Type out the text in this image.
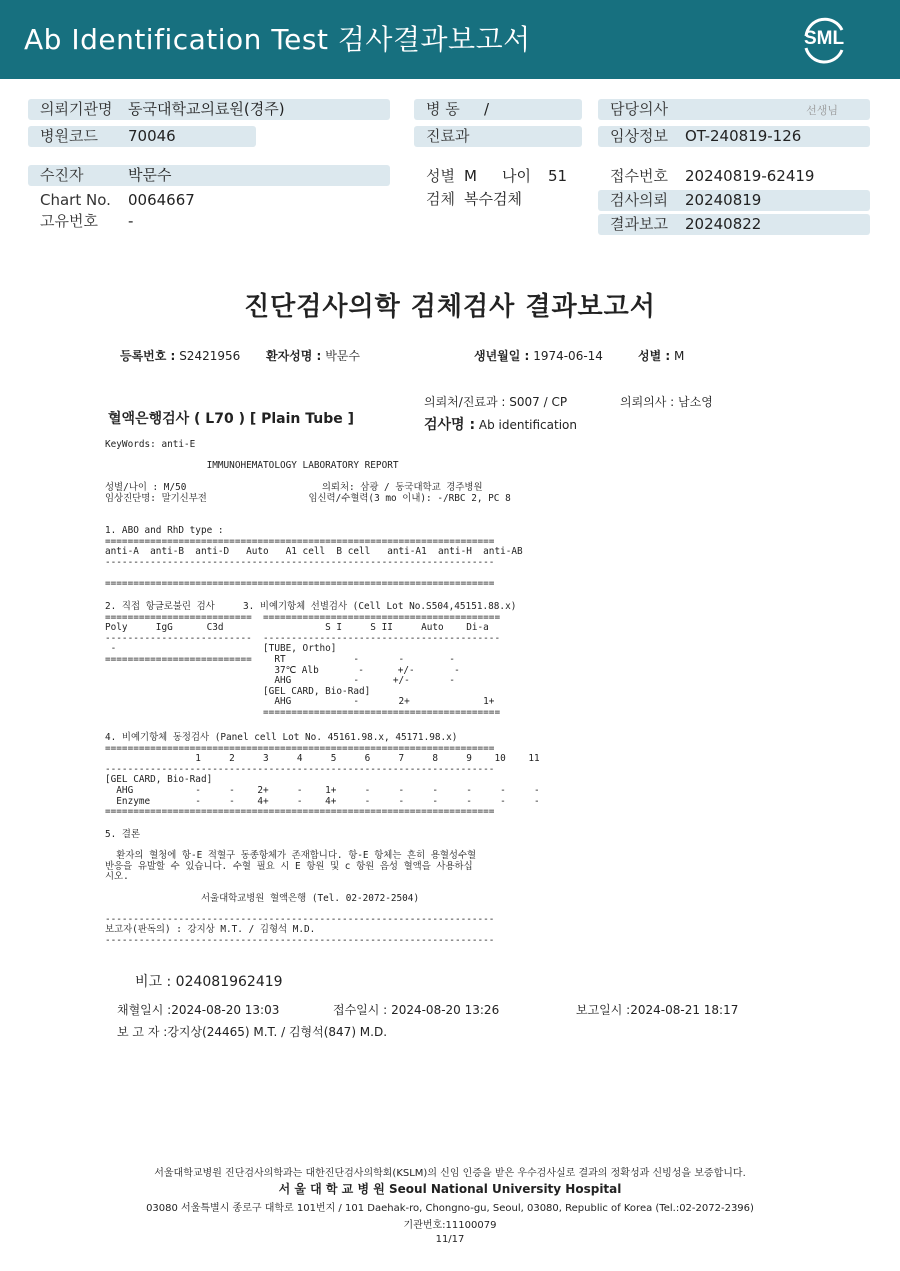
Ab Identification Test 검사결과보고서	SML
의뢰기관명 동국대학교의료원(경주)
병원코드 70046
수진자	박문수
Chart No. 0064667
고유번호 -
병 동 /
진료과
성별 M 나이 51
검체 복수검체
담당의사	선생님
임상정보 OT-240819-126
접수번호 20240819-62419
검사의뢰 20240819
결과보고 20240822
진단검사의학 검체검사 결과보고서
등록번호 : S2421956 환자성명 : 박문수	생년월일 : 1974-06-14	성별 : M
의뢰처/진료과 : S007 / CP	의뢰의사 : 남소영
혈액은행검사 ( L70 ) [ Plain Tube ]	검사명 : Ab identification
KeyWords: anti-E
IMMUNOHEMATOLOGY LABORATORY REPORT
성별/나이 : M/50                        의뢰처: 삼광 / 동국대학교 경주병원
임상진단명: 말기신부전                  임신력/수혈력(3 mo 이내): -/RBC 2, PC 8
1. ABO and RhD type :
=====================================================================
anti-A  anti-B  anti-D   Auto   A1 cell  B cell   anti-A1  anti-H  anti-AB
---------------------------------------------------------------------

=====================================================================
2. 직접 항글로불린 검사     3. 비예기항체 선별검사 (Cell Lot No.S504,45151.88.x)
==========================  ==========================================
Poly     IgG      C3d                  S I     S II     Auto    Di-a
--------------------------  ------------------------------------------
-                          [TUBE, Ortho]
==========================    RT            -       -        -
37℃ Alb       -      +/-       -
AHG           -      +/-       -
[GEL CARD, Bio-Rad]
AHG           -       2+             1+
==========================================
4. 비예기항체 동정검사 (Panel cell Lot No. 45161.98.x, 45171.98.x)
=====================================================================
1     2     3     4     5     6     7     8     9    10    11
---------------------------------------------------------------------
[GEL CARD, Bio-Rad]
AHG           -     -    2+     -    1+     -     -     -     -     -     -
Enzyme        -     -    4+     -    4+     -     -     -     -     -     -
=====================================================================
5. 결론

환자의 혈청에 항-E 적혈구 동종항체가 존재합니다. 항-E 항체는 흔히 용혈성수혈
반응을 유발할 수 있습니다. 수혈 필요 시 E 항원 및 c 항원 음성 혈액을 사용하십
시오.

서울대학교병원 혈액은행 (Tel. 02-2072-2504)

---------------------------------------------------------------------
보고자(판독의) : 강지상 M.T. / 김형석 M.D.
---------------------------------------------------------------------
비고 : 024081962419
채혈일시 :2024-08-20 13:03	접수일시 : 2024-08-20 13:26	보고일시 :2024-08-21 18:17
보 고 자 :강지상(24465) M.T. / 김형석(847) M.D.
서울대학교병원 진단검사의학과는 대한진단검사의학회(KSLM)의 신임 인증을 받은 우수검사실로 결과의 정확성과 신빙성을 보증합니다.
서 울 대 학 교 병 원 Seoul National University Hospital
03080 서울특별시 종로구 대학로 101번지 / 101 Daehak-ro, Chongno-gu, Seoul, 03080, Republic of Korea (Tel.:02-2072-2396)
기관번호:11100079
11/17
